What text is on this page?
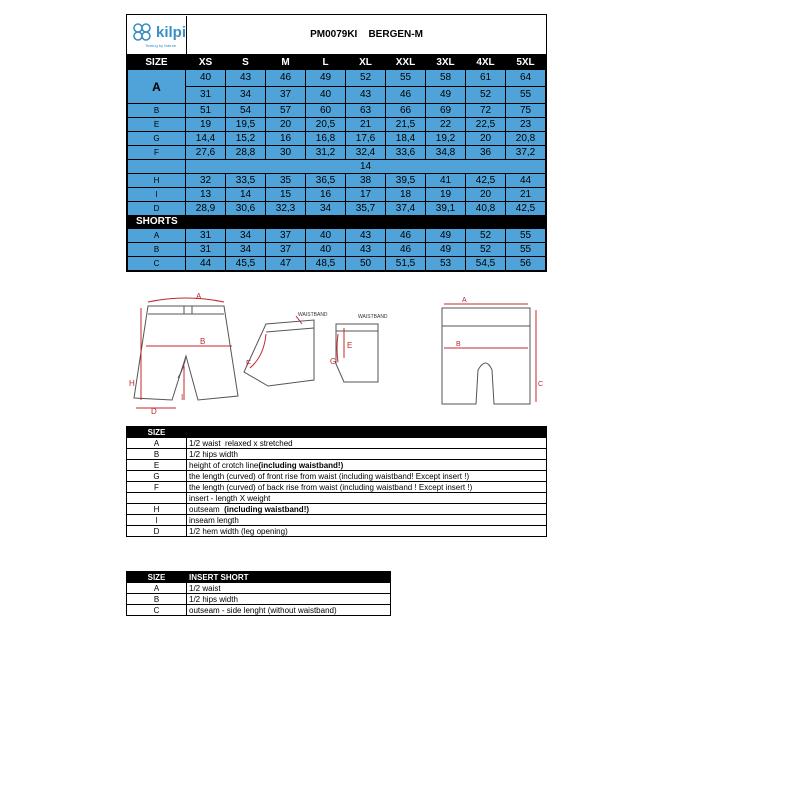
kilpi
Testing by Nature
PM0079KI    BERGEN-M
SIZE	XS	S	M	L	XL	XXL	3XL	4XL	5XL
A	40	43	46	49	52	55	58	61	64
	31	34	37	40	43	46	49	52	55
B	51	54	57	60	63	66	69	72	75
E	19	19,5	20	20,5	21	21,5	22	22,5	23
G	14,4	15,2	16	16,8	17,6	18,4	19,2	20	20,8
F	27,6	28,8	30	31,2	32,4	33,6	34,8	36	37,2
	14								
H	32	33,5	35	36,5	38	39,5	41	42,5	44
I	13	14	15	16	17	18	19	20	21
D	28,9	30,6	32,3	34	35,7	37,4	39,1	40,8	42,5
SHORTS									
A	31	34	37	40	43	46	49	52	55
B	31	34	37	40	43	46	49	52	55
C	44	45,5	47	48,5	50	51,5	53	54,5	56
A
B
H
I
D
WAISTBAND
F
WAISTBAND
E
G
A
B
C
SIZE	
A	1/2 waist  relaxed x stretched
B	1/2 hips width
E	height of crotch line(including waistband!)
G	the length (curved) of front rise from waist (including waistband! Except insert !)
F	the length (curved) of back rise from waist (including waistband ! Except insert !)
	insert - length X weight
H	outseam  (including waistband!)
I	inseam length
D	1/2 hem width (leg opening)
SIZE	INSERT SHORT
A	1/2 waist
B	1/2 hips width
C	outseam - side lenght (without waistband)
